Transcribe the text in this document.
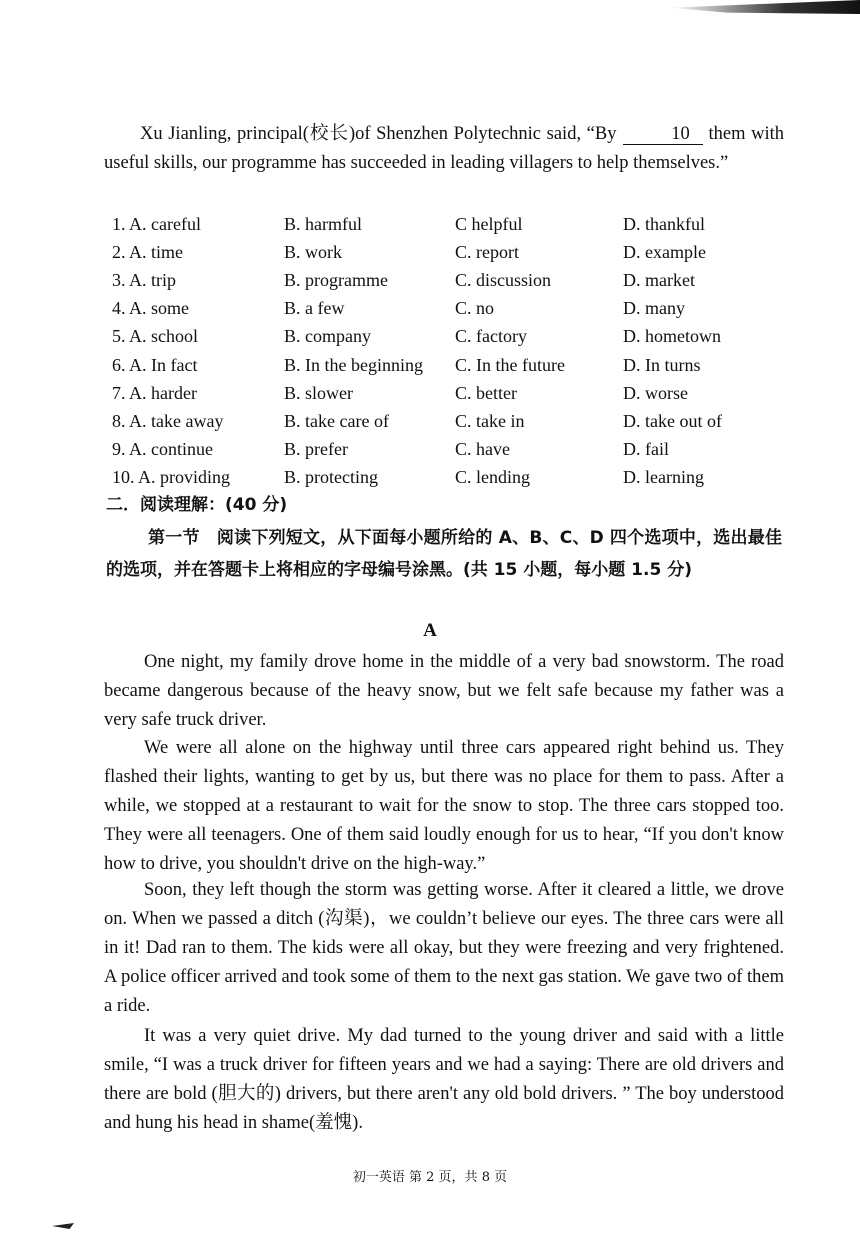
Xu Jianling, principal(校长)of Shenzhen Polytechnic said, “By	10 them with useful skills, our programme has succeeded in leading villagers to help themselves.”

1. A. careful	B. harmful	C helpful	D. thankful
2. A. time	B. work	C. report	D. example
3. A. trip	B. programme	C. discussion	D. market
4. A. some	B. a few	C. no	D. many
5. A. school	B. company	C. factory	D. hometown
6. A. In fact	B. In the beginning	C. In the future	D. In turns
7. A. harder	B. slower	C. better	D. worse
8. A. take away	B. take care of	C. take in	D. take out of
9. A. continue	B. prefer	C. have	D. fail
10. A. providing	B. protecting	C. lending	D. learning

二．阅读理解：(40 分)

第一节　阅读下列短文，从下面每小题所给的 A、B、C、D 四个选项中，选出最佳的选项，并在答题卡上将相应的字母编号涂黑。(共 15 小题，每小题 1.5 分)

A

One night, my family drove home in the middle of a very bad snowstorm. The road became dangerous because of the heavy snow, but we felt safe because my father was a very safe truck driver.

We were all alone on the highway until three cars appeared right behind us. They flashed their lights, wanting to get by us, but there was no place for them to pass. After a while, we stopped at a restaurant to wait for the snow to stop. The three cars stopped too. They were all teenagers. One of them said loudly enough for us to hear, “If you don't know how to drive, you shouldn't drive on the high-way.”

Soon, they left though the storm was getting worse. After it cleared a little, we drove on. When we passed a ditch (沟渠)，we couldn’t believe our eyes. The three cars were all in it! Dad ran to them. The kids were all okay, but they were freezing and very frightened. A police officer arrived and took some of them to the next gas station. We gave two of them a ride.

It was a very quiet drive. My dad turned to the young driver and said with a little smile, “I was a truck driver for fifteen years and we had a saying: There are old drivers and there are bold (胆大的) drivers, but there aren't any old bold drivers. ” The boy understood and hung his head in shame(羞愧).

初一英语 第 2 页，共 8 页
